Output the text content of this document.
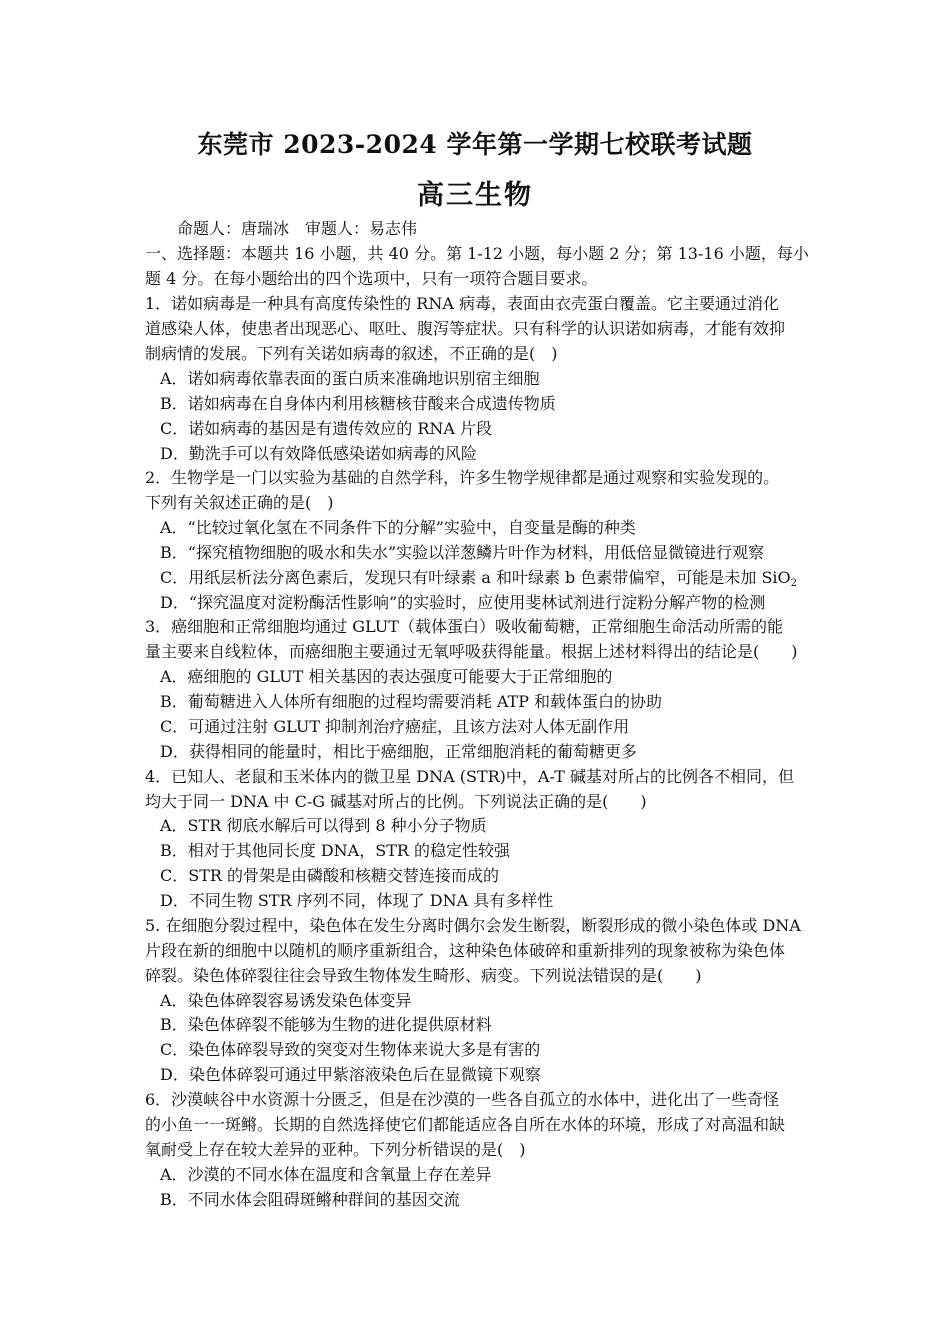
东莞市 2023-2024 学年第一学期七校联考试题
高三生物
命题人：唐瑞冰　审题人：易志伟
一、选择题：本题共 16 小题，共 40 分。第 1-12 小题，每小题 2 分；第 13-16 小题，每小
题 4 分。在每小题给出的四个选项中，只有一项符合题目要求。
1．诺如病毒是一种具有高度传染性的 RNA 病毒，表面由衣壳蛋白覆盖。它主要通过消化
道感染人体，使患者出现恶心、呕吐、腹泻等症状。只有科学的认识诺如病毒，才能有效抑
制病情的发展。下列有关诺如病毒的叙述，不正确的是(　)
A．诺如病毒依靠表面的蛋白质来准确地识别宿主细胞
B．诺如病毒在自身体内利用核糖核苷酸来合成遗传物质
C．诺如病毒的基因是有遗传效应的 RNA 片段
D．勤洗手可以有效降低感染诺如病毒的风险
2．生物学是一门以实验为基础的自然学科，许多生物学规律都是通过观察和实验发现的。
下列有关叙述正确的是(　)
A．“比较过氧化氢在不同条件下的分解”实验中，自变量是酶的种类
B．“探究植物细胞的吸水和失水”实验以洋葱鳞片叶作为材料，用低倍显微镜进行观察
C．用纸层析法分离色素后，发现只有叶绿素 a 和叶绿素 b 色素带偏窄，可能是未加 SiO$_2$
D．“探究温度对淀粉酶活性影响”的实验时，应使用斐林试剂进行淀粉分解产物的检测
3．癌细胞和正常细胞均通过 GLUT（载体蛋白）吸收葡萄糖，正常细胞生命活动所需的能
量主要来自线粒体，而癌细胞主要通过无氧呼吸获得能量。根据上述材料得出的结论是(　　)
A．癌细胞的 GLUT 相关基因的表达强度可能要大于正常细胞的
B．葡萄糖进入人体所有细胞的过程均需要消耗 ATP 和载体蛋白的协助
C．可通过注射 GLUT 抑制剂治疗癌症，且该方法对人体无副作用
D．获得相同的能量时，相比于癌细胞，正常细胞消耗的葡萄糖更多
4．已知人、老鼠和玉米体内的微卫星 DNA (STR)中，A-T 碱基对所占的比例各不相同，但
均大于同一 DNA 中 C-G 碱基对所占的比例。下列说法正确的是(　　)
A．STR 彻底水解后可以得到 8 种小分子物质
B．相对于其他同长度 DNA，STR 的稳定性较强
C．STR 的骨架是由磷酸和核糖交替连接而成的
D．不同生物 STR 序列不同，体现了 DNA 具有多样性
5. 在细胞分裂过程中，染色体在发生分离时偶尔会发生断裂，断裂形成的微小染色体或 DNA
片段在新的细胞中以随机的顺序重新组合，这种染色体破碎和重新排列的现象被称为染色体
碎裂。染色体碎裂往往会导致生物体发生畸形、病变。下列说法错误的是(　　)
A．染色体碎裂容易诱发染色体变异
B．染色体碎裂不能够为生物的进化提供原材料
C．染色体碎裂导致的突变对生物体来说大多是有害的
D．染色体碎裂可通过甲紫溶液染色后在显微镜下观察
6．沙漠峡谷中水资源十分匮乏，但是在沙漠的一些各自孤立的水体中，进化出了一些奇怪
的小鱼一一斑鳉。长期的自然选择使它们都能适应各自所在水体的环境，形成了对高温和缺
氧耐受上存在较大差异的亚种。下列分析错误的是(　)
A．沙漠的不同水体在温度和含氧量上存在差异
B．不同水体会阻碍斑鳉种群间的基因交流
